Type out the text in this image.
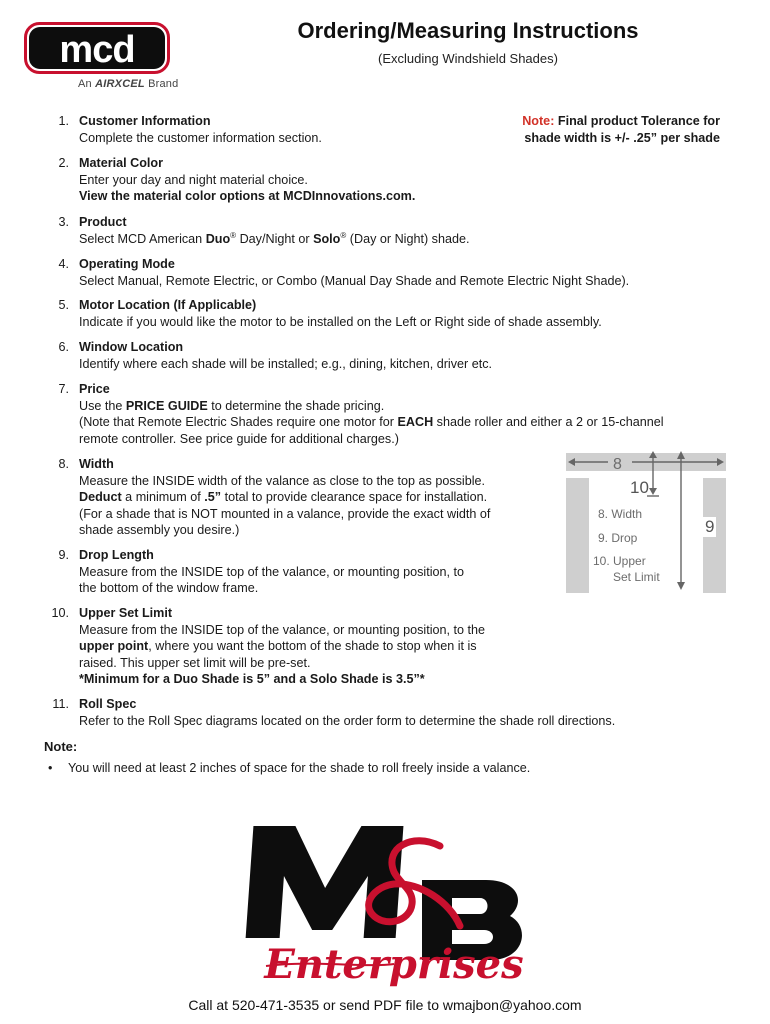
mcd
An AIRXCEL Brand
Ordering/Measuring Instructions
(Excluding Windshield Shades)
Note: Final product Tolerance for
shade width is +/- .25” per shade
1. Customer Information
Complete the customer information section.
2. Material Color
Enter your day and night material choice.
View the material color options at MCDInnovations.com.
3. Product
Select MCD American Duo® Day/Night or Solo® (Day or Night) shade.
4. Operating Mode
Select Manual, Remote Electric, or Combo (Manual Day Shade and Remote Electric Night Shade).
5. Motor Location (If Applicable)
Indicate if you would like the motor to be installed on the Left or Right side of shade assembly.
6. Window Location
Identify where each shade will be installed; e.g., dining, kitchen, driver etc.
7. Price
Use the PRICE GUIDE to determine the shade pricing.
(Note that Remote Electric Shades require one motor for EACH shade roller and either a 2 or 15-channel
remote controller. See price guide for additional charges.)
8. Width
Measure the INSIDE width of the valance as close to the top as possible.
Deduct a minimum of .5” total to provide clearance space for installation.
(For a shade that is NOT mounted in a valance, provide the exact width of
shade assembly you desire.)
9. Drop Length
Measure from the INSIDE top of the valance, or mounting position, to
the bottom of the window frame.
10. Upper Set Limit
Measure from the INSIDE top of the valance, or mounting position, to the
upper point, where you want the bottom of the shade to stop when it is
raised. This upper set limit will be pre-set.
*Minimum for a Duo Shade is 5” and a Solo Shade is 3.5”*
11. Roll Spec
Refer to the Roll Spec diagrams located on the order form to determine the shade roll directions.
8
10
9
8. Width
9. Drop
10. Upper
Set Limit
Note:
• You will need at least 2 inches of space for the shade to roll freely inside a valance.
Enterprises
Call at 520-471-3535 or send PDF file to wmajbon@yahoo.com
